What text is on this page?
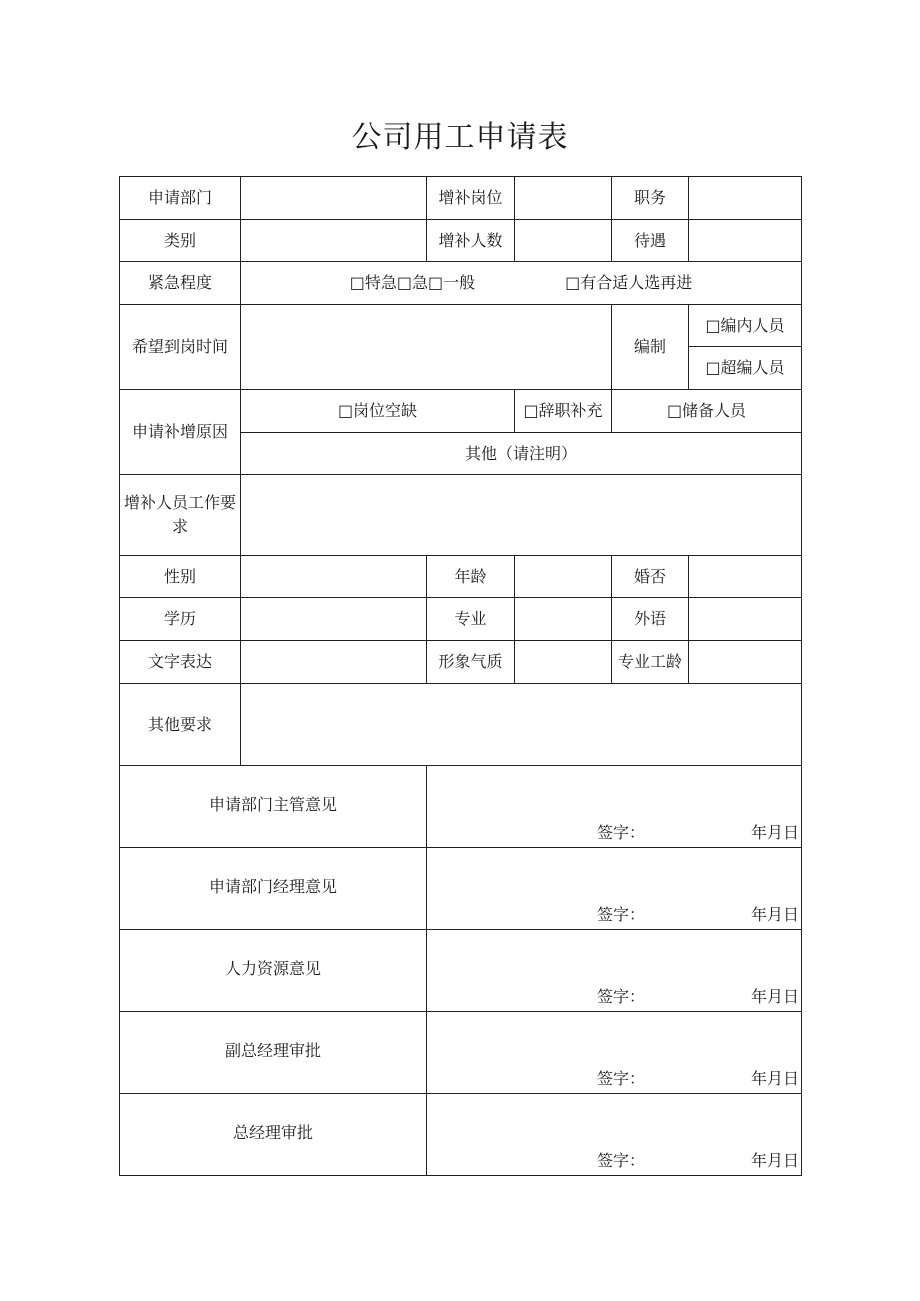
公司用工申请表
申请部门		增补岗位		职务	
类别		增补人数		待遇	
紧急程度	□特急□急□一般 □有合适人选再进				
希望到岗时间				编制	□编内人员
					□超编人员
申请补增原因	□岗位空缺		□辞职补充	□储备人员	
	其他（请注明）				
增补人员工作要求					
性别		年龄		婚否	
学历		专业		外语	
文字表达		形象气质		专业工龄	
其他要求					

申请部门主管意见		签字： 年月日			

申请部门经理意见		签字： 年月日			

人力资源意见		签字： 年月日			

副总经理审批		签字： 年月日			

总经理审批		签字： 年月日			
